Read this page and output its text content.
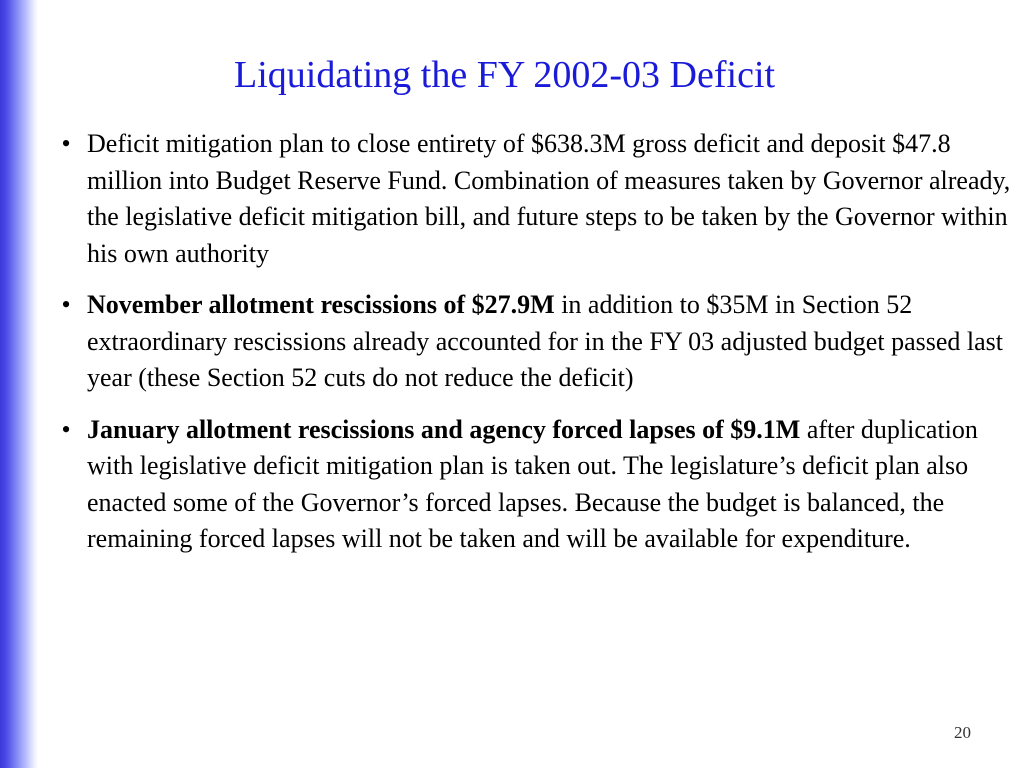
Liquidating the FY 2002-03 Deficit
• Deficit mitigation plan to close entirety of $638.3M gross deficit and deposit $47.8 million into Budget Reserve Fund. Combination of measures taken by Governor already, the legislative deficit mitigation bill, and future steps to be taken by the Governor within his own authority
• November allotment rescissions of $27.9M in addition to $35M in Section 52 extraordinary rescissions already accounted for in the FY 03 adjusted budget passed last year (these Section 52 cuts do not reduce the deficit)
• January allotment rescissions and agency forced lapses of $9.1M after duplication with legislative deficit mitigation plan is taken out. The legislature’s deficit plan also enacted some of the Governor’s forced lapses. Because the budget is balanced, the remaining forced lapses will not be taken and will be available for expenditure.
20
